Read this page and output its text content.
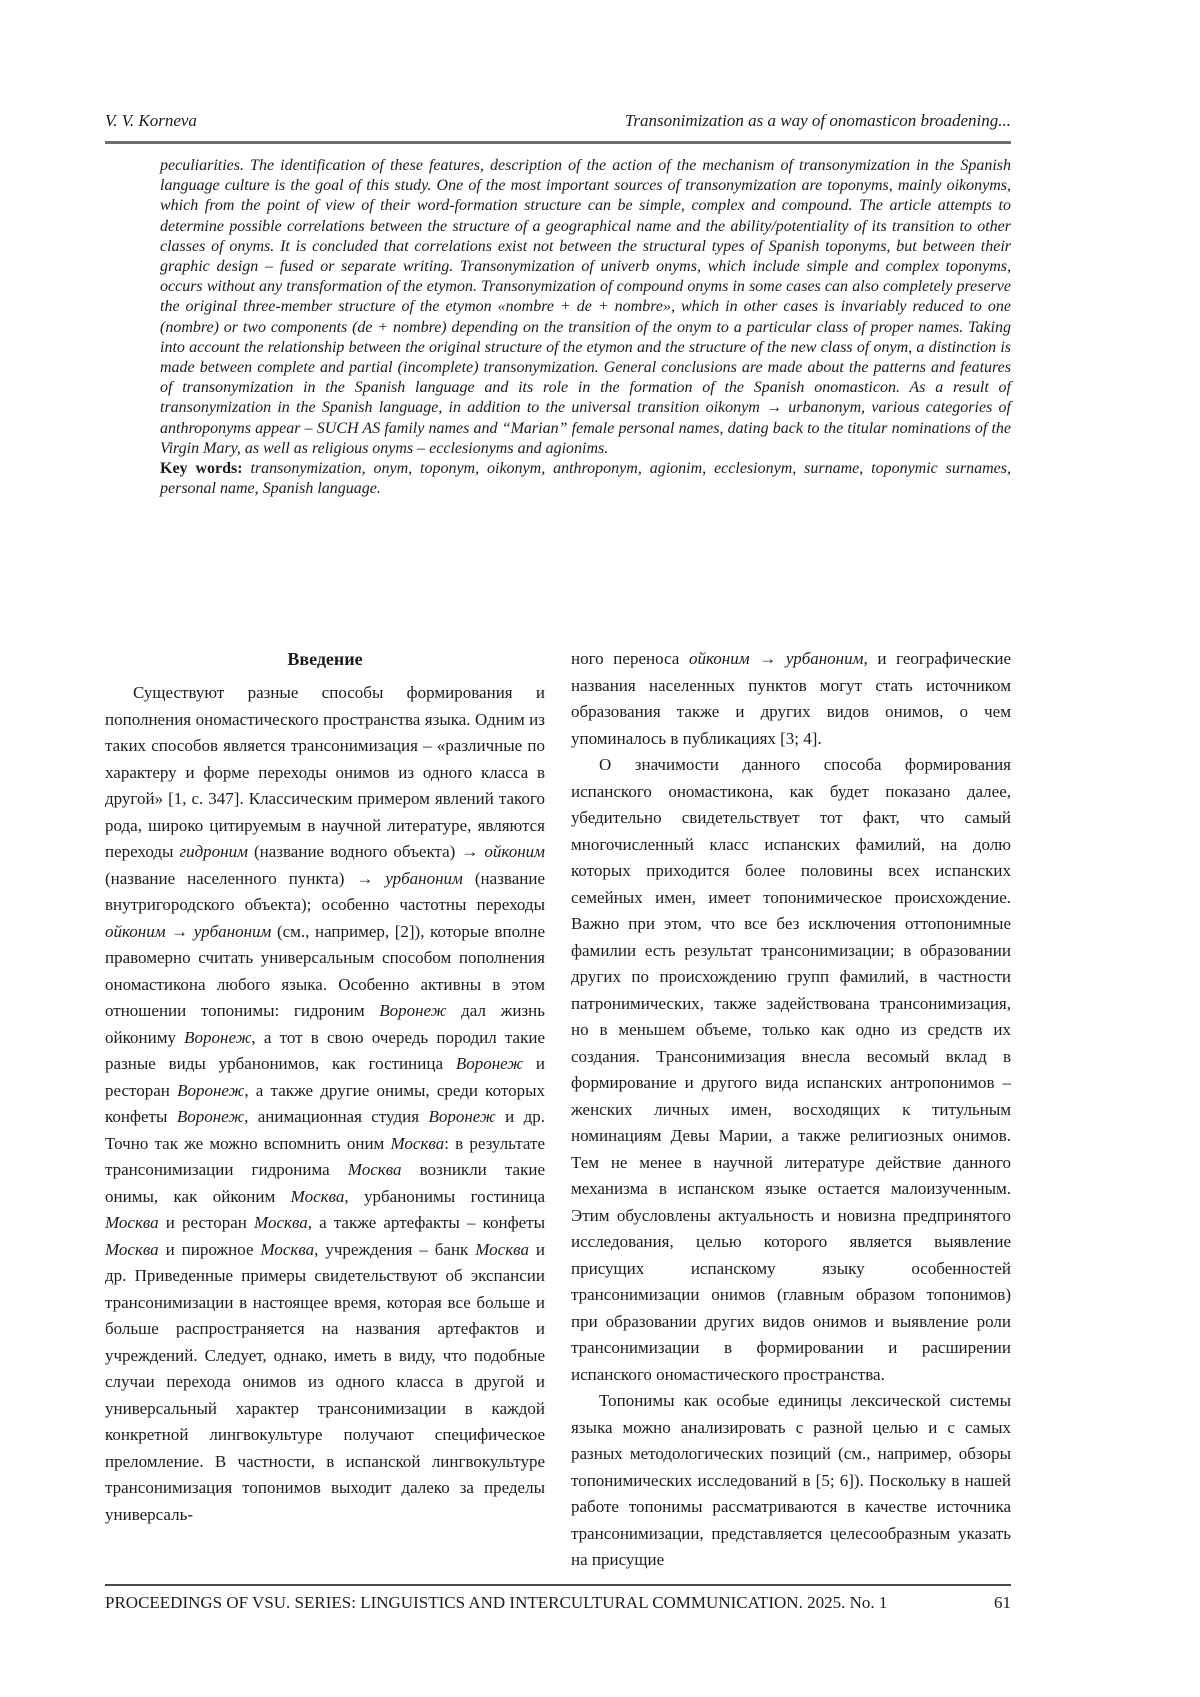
V. V. Korneva	Transonimization as a way of onomasticon broadening...

peculiarities. The identification of these features, description of the action of the mechanism of transonymization in the Spanish language culture is the goal of this study. One of the most important sources of transonymization are toponyms, mainly oikonyms, which from the point of view of their word-formation structure can be simple, complex and compound. The article attempts to determine possible correlations between the structure of a geographical name and the ability/potentiality of its transition to other classes of onyms. It is concluded that correlations exist not between the structural types of Spanish toponyms, but between their graphic design – fused or separate writing. Transonymization of univerb onyms, which include simple and complex toponyms, occurs without any transformation of the etymon. Transonymization of compound onyms in some cases can also completely preserve the original three-member structure of the etymon «nombre + de + nombre», which in other cases is invariably reduced to one (nombre) or two components (de + nombre) depending on the transition of the onym to a particular class of proper names. Taking into account the relationship between the original structure of the etymon and the structure of the new class of onym, a distinction is made between complete and partial (incomplete) transonymization. General conclusions are made about the patterns and features of transonymization in the Spanish language and its role in the formation of the Spanish onomasticon. As a result of transonymization in the Spanish language, in addition to the universal transition oikonym → urbanonym, various categories of anthroponyms appear – SUCH AS family names and “Marian” female personal names, dating back to the titular nominations of the Virgin Mary, as well as religious onyms – ecclesionyms and agionims.

Key words: transonymization, onym, toponym, oikonym, anthroponym, agionim, ecclesionym, surname, toponymic surnames, personal name, Spanish language.

Введение

Существуют разные способы формирования и пополнения ономастического пространства языка. Одним из таких способов является трансонимизация – «различные по характеру и форме переходы онимов из одного класса в другой» [1, с. 347]. Классическим примером явлений такого рода, широко цитируемым в научной литературе, являются переходы гидроним (название водного объекта) → ойконим (название населенного пункта) → урбаноним (название внутригородского объекта); особенно частотны переходы ойконим → урбаноним (см., например, [2]), которые вполне правомерно считать универсальным способом пополнения ономастикона любого языка. Особенно активны в этом отношении топонимы: гидроним Воронеж дал жизнь ойкониму Воронеж, а тот в свою очередь породил такие разные виды урбанонимов, как гостиница Воронеж и ресторан Воронеж, а также другие онимы, среди которых конфеты Воронеж, анимационная студия Воронеж и др. Точно так же можно вспомнить оним Москва: в результате трансонимизации гидронима Москва возникли такие онимы, как ойконим Москва, урбанонимы гостиница Москва и ресторан Москва, а также артефакты – конфеты Москва и пирожное Москва, учреждения – банк Москва и др. Приведенные примеры свидетельствуют об экспансии трансонимизации в настоящее время, которая все больше и больше распространяется на названия артефактов и учреждений. Следует, однако, иметь в виду, что подобные случаи перехода онимов из одного класса в другой и универсальный характер трансонимизации в каждой конкретной лингвокультуре получают специфическое преломление. В частности, в испанской лингвокультуре трансонимизация топонимов выходит далеко за пределы универсаль-

ного переноса ойконим → урбаноним, и географические названия населенных пунктов могут стать источником образования также и других видов онимов, о чем упоминалось в публикациях [3; 4].

О значимости данного способа формирования испанского ономастикона, как будет показано далее, убедительно свидетельствует тот факт, что самый многочисленный класс испанских фамилий, на долю которых приходится более половины всех испанских семейных имен, имеет топонимическое происхождение. Важно при этом, что все без исключения оттопонимные фамилии есть результат трансонимизации; в образовании других по происхождению групп фамилий, в частности патронимических, также задействована трансонимизация, но в меньшем объеме, только как одно из средств их создания. Трансонимизация внесла весомый вклад в формирование и другого вида испанских антропонимов – женских личных имен, восходящих к титульным номинациям Девы Марии, а также религиозных онимов. Тем не менее в научной литературе действие данного механизма в испанском языке остается малоизученным. Этим обусловлены актуальность и новизна предпринятого исследования, целью которого является выявление присущих испанскому языку особенностей трансонимизации онимов (главным образом топонимов) при образовании других видов онимов и выявление роли трансонимизации в формировании и расширении испанского ономастического пространства.

Топонимы как особые единицы лексической системы языка можно анализировать с разной целью и с самых разных методологических позиций (см., например, обзоры топонимических исследований в [5; 6]). Поскольку в нашей работе топонимы рассматриваются в качестве источника трансонимизации, представляется целесообразным указать на присущие

PROCEEDINGS OF VSU. SERIES: LINGUISTICS AND INTERCULTURAL COMMUNICATION. 2025. No. 1	61
